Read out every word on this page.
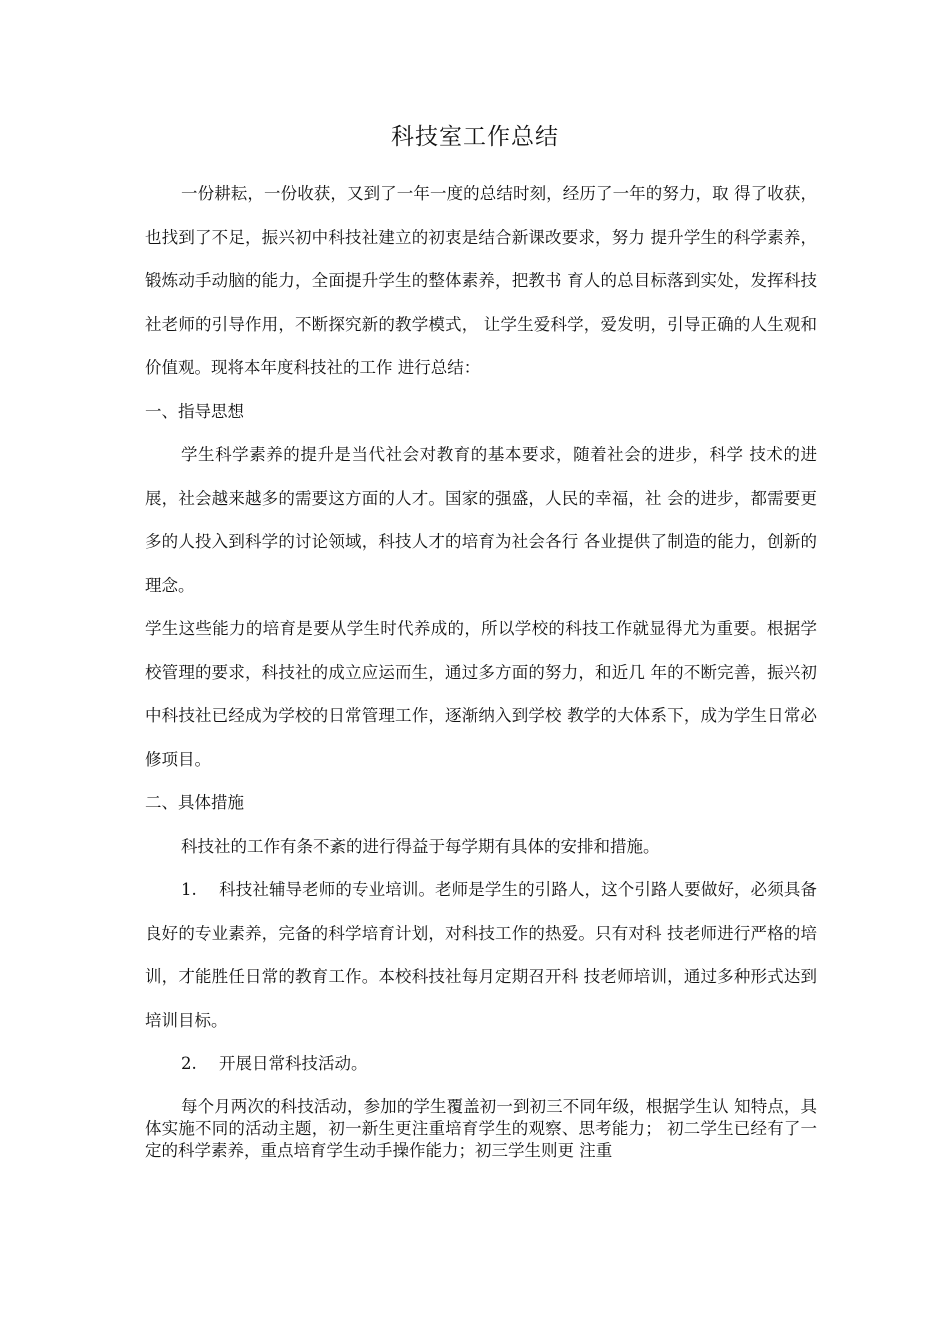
科技室工作总结

一份耕耘，一份收获，又到了一年一度的总结时刻，经历了一年的努力，取 得了收获，也找到了不足，振兴初中科技社建立的初衷是结合新课改要求，努力 提升学生的科学素养，锻炼动手动脑的能力，全面提升学生的整体素养，把教书 育人的总目标落到实处，发挥科技社老师的引导作用，不断探究新的教学模式， 让学生爱科学，爱发明，引导正确的人生观和价值观。现将本年度科技社的工作 进行总结：

一、指导思想

学生科学素养的提升是当代社会对教育的基本要求，随着社会的进步，科学 技术的进展，社会越来越多的需要这方面的人才。国家的强盛，人民的幸福，社 会的进步，都需要更多的人投入到科学的讨论领域，科技人才的培育为社会各行 各业提供了制造的能力，创新的理念。

学生这些能力的培育是要从学生时代养成的，所以学校的科技工作就显得尤为重要。根据学校管理的要求，科技社的成立应运而生，通过多方面的努力，和近几 年的不断完善，振兴初中科技社已经成为学校的日常管理工作，逐渐纳入到学校 教学的大体系下，成为学生日常必修项目。

二、具体措施

科技社的工作有条不紊的进行得益于每学期有具体的安排和措施。

1. 科技社辅导老师的专业培训。老师是学生的引路人，这个引路人要做好，必须具备良好的专业素养，完备的科学培育计划，对科技工作的热爱。只有对科 技老师进行严格的培训，才能胜任日常的教育工作。本校科技社每月定期召开科 技老师培训，通过多种形式达到培训目标。

2. 开展日常科技活动。

每个月两次的科技活动，参加的学生覆盖初一到初三不同年级，根据学生认 知特点，具体实施不同的活动主题，初一新生更注重培育学生的观察、思考能力； 初二学生已经有了一定的科学素养，重点培育学生动手操作能力；初三学生则更 注重
